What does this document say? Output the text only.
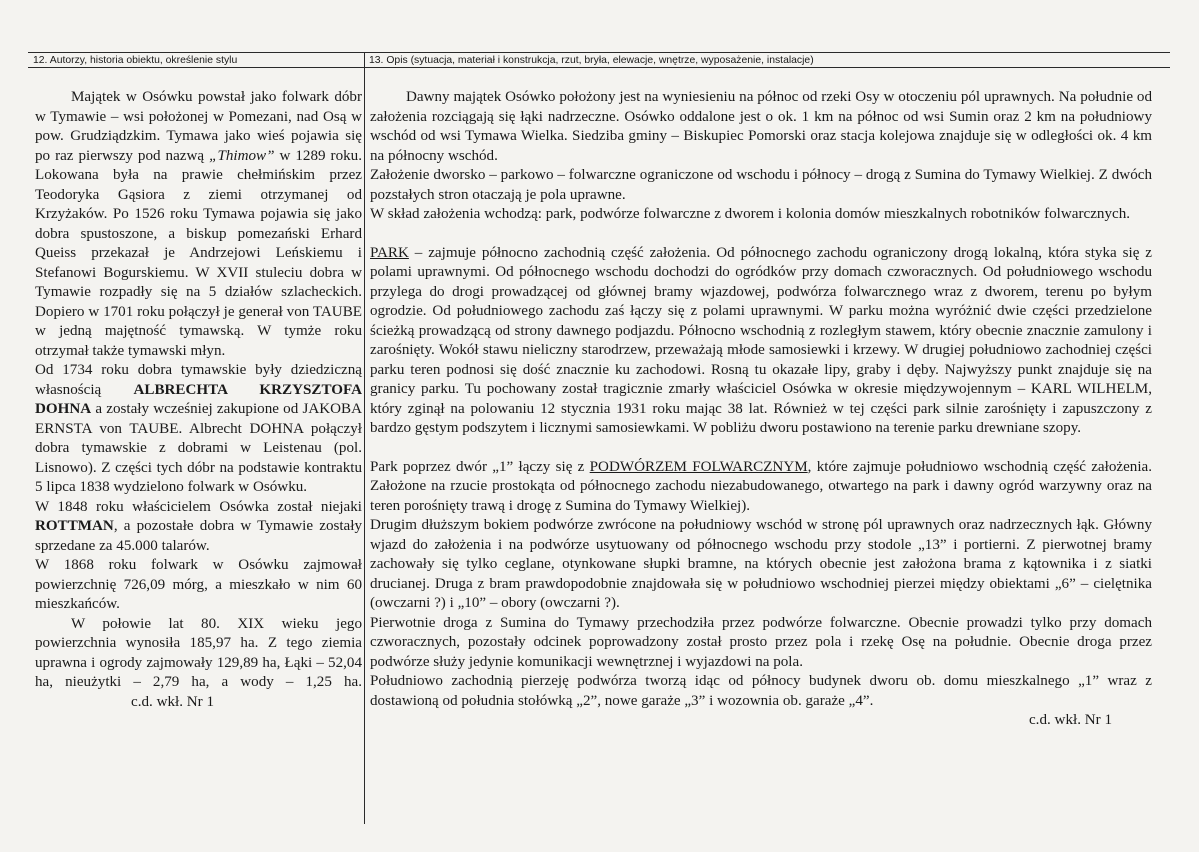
12. Autorzy, historia obiektu, określenie stylu	13. Opis (sytuacja, materiał i konstrukcja, rzut, bryła, elewacje, wnętrze, wyposażenie, instalacje)

Majątek w Osówku powstał jako folwark dóbr w Tymawie – wsi położonej w Pomezani, nad Osą w pow. Grudziądzkim. Tymawa jako wieś pojawia się po raz pierwszy pod nazwą „Thimow” w 1289 roku. Lokowana była na prawie chełmińskim przez Teodoryka Gąsiora z ziemi otrzymanej od Krzyżaków. Po 1526 roku Tymawa pojawia się jako dobra spustoszone, a biskup pomezański Erhard Queiss przekazał je Andrzejowi Leńskiemu i Stefanowi Bogurskiemu. W XVII stuleciu dobra w Tymawie rozpadły się na 5 działów szlacheckich. Dopiero w 1701 roku połączył je generał von TAUBE w jedną majętność tymawską. W tymże roku otrzymał także tymawski młyn.

Od 1734 roku dobra tymawskie były dziedziczną własnością ALBRECHTA KRZYSZTOFA DOHNA a zostały wcześniej zakupione od JAKOBA ERNSTA von TAUBE. Albrecht DOHNA połączył dobra tymawskie z dobrami w Leistenau (pol. Lisnowo). Z części tych dóbr na podstawie kontraktu 5 lipca 1838 wydzielono folwark w Osówku.

W 1848 roku właścicielem Osówka został niejaki ROTTMAN, a pozostałe dobra w Tymawie zostały sprzedane za 45.000 talarów.

W 1868 roku folwark w Osówku zajmował powierzchnię 726,09 mórg, a mieszkało w nim 60 mieszkańców.

W połowie lat 80. XIX wieku jego powierzchnia wynosiła 185,97 ha. Z tego ziemia uprawna i ogrody zajmowały 129,89 ha, Łąki – 52,04 ha, nieużytki – 2,79 ha, a wody – 1,25 ha.c.d. wkł. Nr 1

Dawny majątek Osówko położony jest na wyniesieniu na północ od rzeki Osy w otoczeniu pól uprawnych. Na południe od założenia rozciągają się łąki nadrzeczne. Osówko oddalone jest o ok. 1 km na północ od wsi Sumin oraz 2 km na południowy wschód od wsi Tymawa Wielka. Siedziba gminy – Biskupiec Pomorski oraz stacja kolejowa znajduje się w odległości ok. 4 km na północny wschód.

Założenie dworsko – parkowo – folwarczne ograniczone od wschodu i północy – drogą z Sumina do Tymawy Wielkiej. Z dwóch pozstałych stron otaczają je pola uprawne.

W skład założenia wchodzą: park, podwórze folwarczne z dworem i kolonia domów mieszkalnych robotników folwarcznych.

PARK – zajmuje północno zachodnią część założenia. Od północnego zachodu ograniczony drogą lokalną, która styka się z polami uprawnymi. Od północnego wschodu dochodzi do ogródków przy domach czworacznych. Od południowego wschodu przylega do drogi prowadzącej od głównej bramy wjazdowej, podwórza folwarcznego wraz z dworem, terenu po byłym ogrodzie. Od południowego zachodu zaś łączy się z polami uprawnymi. W parku można wyróżnić dwie części przedzielone ścieżką prowadzącą od strony dawnego podjazdu. Północno wschodnią z rozległym stawem, który obecnie znacznie zamulony i zarośnięty. Wokół stawu nieliczny starodrzew, przeważają młode samosiewki i krzewy. W drugiej południowo zachodniej części parku teren podnosi się dość znacznie ku zachodowi. Rosną tu okazałe lipy, graby i dęby. Najwyższy punkt znajduje się na granicy parku. Tu pochowany został tragicznie zmarły właściciel Osówka w okresie międzywojennym – KARL WILHELM, który zginął na polowaniu 12 stycznia 1931 roku mając 38 lat. Również w tej części park silnie zarośnięty i zapuszczony z bardzo gęstym podszytem i licznymi samosiewkami. W pobliżu dworu postawiono na terenie parku drewniane szopy.

Park poprzez dwór „1” łączy się z PODWÓRZEM FOLWARCZNYM, które zajmuje południowo wschodnią część założenia. Założone na rzucie prostokąta od północnego zachodu niezabudowanego, otwartego na park i dawny ogród warzywny oraz na teren porośnięty trawą i drogę z Sumina do Tymawy Wielkiej).

Drugim dłuższym bokiem podwórze zwrócone na południowy wschód w stronę pól uprawnych oraz nadrzecznych łąk. Główny wjazd do założenia i na podwórze usytuowany od północnego wschodu przy stodole „13” i portierni. Z pierwotnej bramy zachowały się tylko ceglane, otynkowane słupki bramne, na których obecnie jest założona brama z kątownika i z siatki drucianej. Druga z bram prawdopodobnie znajdowała się w południowo wschodniej pierzei między obiektami „6” – cielętnika (owczarni ?) i „10” – obory (owczarni ?).

Pierwotnie droga z Sumina do Tymawy przechodziła przez podwórze folwarczne. Obecnie prowadzi tylko przy domach czworacznych, pozostały odcinek poprowadzony został prosto przez pola i rzekę Osę na południe. Obecnie droga przez podwórze służy jedynie komunikacji wewnętrznej i wyjazdowi na pola.

Południowo zachodnią pierzeję podwórza tworzą idąc od północy budynek dworu ob. domu mieszkalnego „1” wraz z dostawioną od południa stołówką „2”, nowe garaże „3” i wozownia ob. garaże „4”.

c.d. wkł. Nr 1
